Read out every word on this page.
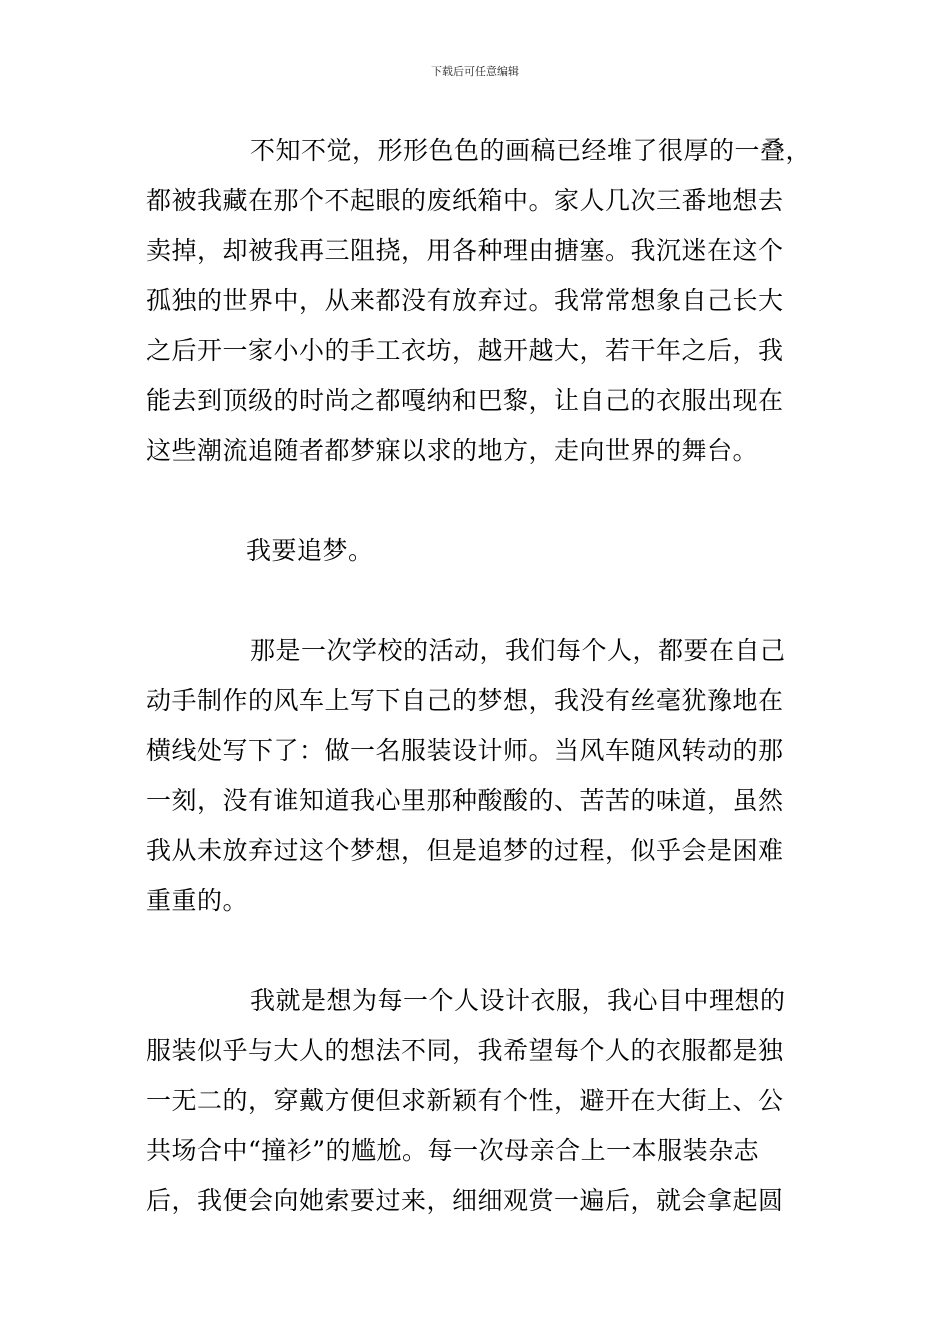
下载后可任意编辑
不知不觉，形形色色的画稿已经堆了很厚的一叠，
都被我藏在那个不起眼的废纸箱中。家人几次三番地想去
卖掉，却被我再三阻挠，用各种理由搪塞。我沉迷在这个
孤独的世界中，从来都没有放弃过。我常常想象自己长大
之后开一家小小的手工衣坊，越开越大，若干年之后，我
能去到顶级的时尚之都嘎纳和巴黎，让自己的衣服出现在
这些潮流追随者都梦寐以求的地方，走向世界的舞台。
我要追梦。
那是一次学校的活动，我们每个人，都要在自己
动手制作的风车上写下自己的梦想，我没有丝毫犹豫地在
横线处写下了：做一名服装设计师。当风车随风转动的那
一刻，没有谁知道我心里那种酸酸的、苦苦的味道，虽然
我从未放弃过这个梦想，但是追梦的过程，似乎会是困难
重重的。
我就是想为每一个人设计衣服，我心目中理想的
服装似乎与大人的想法不同，我希望每个人的衣服都是独
一无二的，穿戴方便但求新颖有个性，避开在大街上、公
共场合中“撞衫”的尴尬。每一次母亲合上一本服装杂志
后，我便会向她索要过来，细细观赏一遍后，就会拿起圆
